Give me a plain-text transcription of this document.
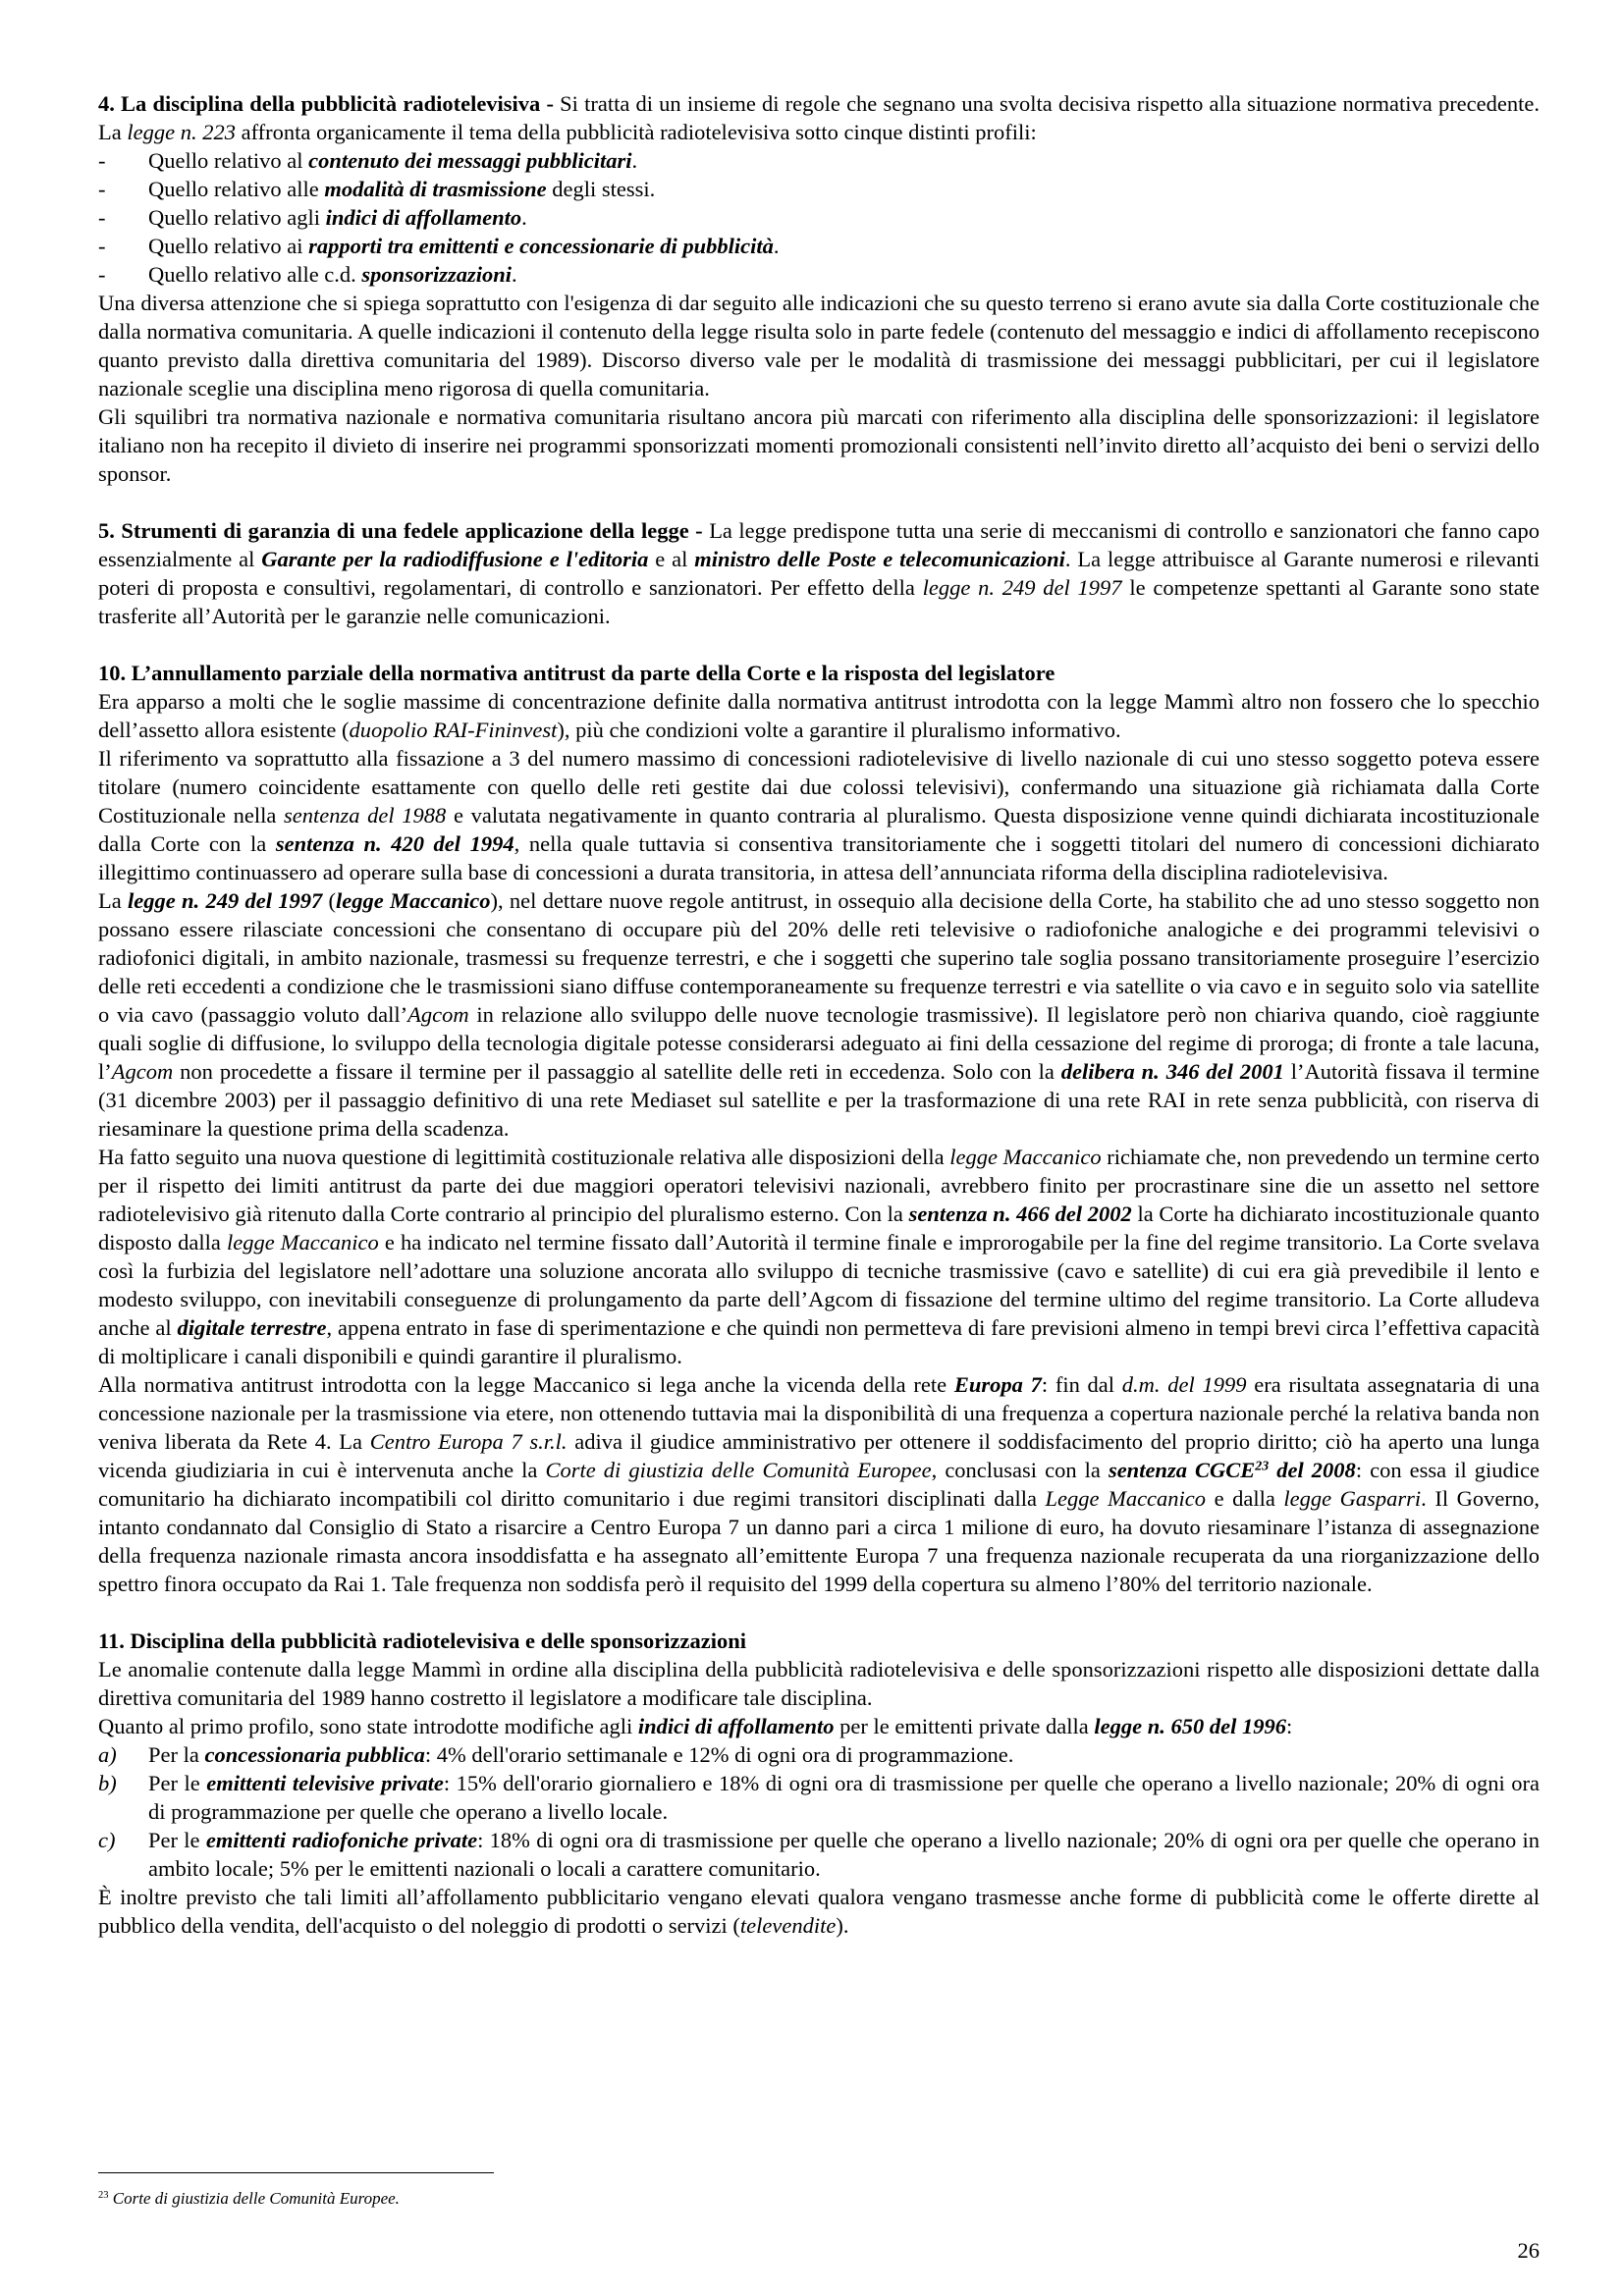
4. La disciplina della pubblicità radiotelevisiva - Si tratta di un insieme di regole che segnano una svolta decisiva rispetto alla situazione normativa precedente. La legge n. 223 affronta organicamente il tema della pubblicità radiotelevisiva sotto cinque distinti profili:

- Quello relativo al contenuto dei messaggi pubblicitari.
- Quello relativo alle modalità di trasmissione degli stessi.
- Quello relativo agli indici di affollamento.
- Quello relativo ai rapporti tra emittenti e concessionarie di pubblicità.
- Quello relativo alle c.d. sponsorizzazioni.

Una diversa attenzione che si spiega soprattutto con l'esigenza di dar seguito alle indicazioni che su questo terreno si erano avute sia dalla Corte costituzionale che dalla normativa comunitaria. A quelle indicazioni il contenuto della legge risulta solo in parte fedele (contenuto del messaggio e indici di affollamento recepiscono quanto previsto dalla direttiva comunitaria del 1989). Discorso diverso vale per le modalità di trasmissione dei messaggi pubblicitari, per cui il legislatore nazionale sceglie una disciplina meno rigorosa di quella comunitaria.

Gli squilibri tra normativa nazionale e normativa comunitaria risultano ancora più marcati con riferimento alla disciplina delle sponsorizzazioni: il legislatore italiano non ha recepito il divieto di inserire nei programmi sponsorizzati momenti promozionali consistenti nell’invito diretto all’acquisto dei beni o servizi dello sponsor.

5. Strumenti di garanzia di una fedele applicazione della legge - La legge predispone tutta una serie di meccanismi di controllo e sanzionatori che fanno capo essenzialmente al Garante per la radiodiffusione e l'editoria e al ministro delle Poste e telecomunicazioni. La legge attribuisce al Garante numerosi e rilevanti poteri di proposta e consultivi, regolamentari, di controllo e sanzionatori. Per effetto della legge n. 249 del 1997 le competenze spettanti al Garante sono state trasferite all’Autorità per le garanzie nelle comunicazioni.

10. L’annullamento parziale della normativa antitrust da parte della Corte e la risposta del legislatore

Era apparso a molti che le soglie massime di concentrazione definite dalla normativa antitrust introdotta con la legge Mammì altro non fossero che lo specchio dell’assetto allora esistente (duopolio RAI-Fininvest), più che condizioni volte a garantire il pluralismo informativo.

Il riferimento va soprattutto alla fissazione a 3 del numero massimo di concessioni radiotelevisive di livello nazionale di cui uno stesso soggetto poteva essere titolare (numero coincidente esattamente con quello delle reti gestite dai due colossi televisivi), confermando una situazione già richiamata dalla Corte Costituzionale nella sentenza del 1988 e valutata negativamente in quanto contraria al pluralismo. Questa disposizione venne quindi dichiarata incostituzionale dalla Corte con la sentenza n. 420 del 1994, nella quale tuttavia si consentiva transitoriamente che i soggetti titolari del numero di concessioni dichiarato illegittimo continuassero ad operare sulla base di concessioni a durata transitoria, in attesa dell’annunciata riforma della disciplina radiotelevisiva.

La legge n. 249 del 1997 (legge Maccanico), nel dettare nuove regole antitrust, in ossequio alla decisione della Corte, ha stabilito che ad uno stesso soggetto non possano essere rilasciate concessioni che consentano di occupare più del 20% delle reti televisive o radiofoniche analogiche e dei programmi televisivi o radiofonici digitali, in ambito nazionale, trasmessi su frequenze terrestri, e che i soggetti che superino tale soglia possano transitoriamente proseguire l’esercizio delle reti eccedenti a condizione che le trasmissioni siano diffuse contemporaneamente su frequenze terrestri e via satellite o via cavo e in seguito solo via satellite o via cavo (passaggio voluto dall’Agcom in relazione allo sviluppo delle nuove tecnologie trasmissive). Il legislatore però non chiariva quando, cioè raggiunte quali soglie di diffusione, lo sviluppo della tecnologia digitale potesse considerarsi adeguato ai fini della cessazione del regime di proroga; di fronte a tale lacuna, l’Agcom non procedette a fissare il termine per il passaggio al satellite delle reti in eccedenza. Solo con la delibera n. 346 del 2001 l’Autorità fissava il termine (31 dicembre 2003) per il passaggio definitivo di una rete Mediaset sul satellite e per la trasformazione di una rete RAI in rete senza pubblicità, con riserva di riesaminare la questione prima della scadenza.

Ha fatto seguito una nuova questione di legittimità costituzionale relativa alle disposizioni della legge Maccanico richiamate che, non prevedendo un termine certo per il rispetto dei limiti antitrust da parte dei due maggiori operatori televisivi nazionali, avrebbero finito per procrastinare sine die un assetto nel settore radiotelevisivo già ritenuto dalla Corte contrario al principio del pluralismo esterno. Con la sentenza n. 466 del 2002 la Corte ha dichiarato incostituzionale quanto disposto dalla legge Maccanico e ha indicato nel termine fissato dall’Autorità il termine finale e improrogabile per la fine del regime transitorio. La Corte svelava così la furbizia del legislatore nell’adottare una soluzione ancorata allo sviluppo di tecniche trasmissive (cavo e satellite) di cui era già prevedibile il lento e modesto sviluppo, con inevitabili conseguenze di prolungamento da parte dell’Agcom di fissazione del termine ultimo del regime transitorio. La Corte alludeva anche al digitale terrestre, appena entrato in fase di sperimentazione e che quindi non permetteva di fare previsioni almeno in tempi brevi circa l’effettiva capacità di moltiplicare i canali disponibili e quindi garantire il pluralismo.

Alla normativa antitrust introdotta con la legge Maccanico si lega anche la vicenda della rete Europa 7: fin dal d.m. del 1999 era risultata assegnataria di una concessione nazionale per la trasmissione via etere, non ottenendo tuttavia mai la disponibilità di una frequenza a copertura nazionale perché la relativa banda non veniva liberata da Rete 4. La Centro Europa 7 s.r.l. adiva il giudice amministrativo per ottenere il soddisfacimento del proprio diritto; ciò ha aperto una lunga vicenda giudiziaria in cui è intervenuta anche la Corte di giustizia delle Comunità Europee, conclusasi con la sentenza CGCE$^{23}$ del 2008: con essa il giudice comunitario ha dichiarato incompatibili col diritto comunitario i due regimi transitori disciplinati dalla Legge Maccanico e dalla legge Gasparri. Il Governo, intanto condannato dal Consiglio di Stato a risarcire a Centro Europa 7 un danno pari a circa 1 milione di euro, ha dovuto riesaminare l’istanza di assegnazione della frequenza nazionale rimasta ancora insoddisfatta e ha assegnato all’emittente Europa 7 una frequenza nazionale recuperata da una riorganizzazione dello spettro finora occupato da Rai 1. Tale frequenza non soddisfa però il requisito del 1999 della copertura su almeno l’80% del territorio nazionale.

11. Disciplina della pubblicità radiotelevisiva e delle sponsorizzazioni

Le anomalie contenute dalla legge Mammì in ordine alla disciplina della pubblicità radiotelevisiva e delle sponsorizzazioni rispetto alle disposizioni dettate dalla direttiva comunitaria del 1989 hanno costretto il legislatore a modificare tale disciplina.

Quanto al primo profilo, sono state introdotte modifiche agli indici di affollamento per le emittenti private dalla legge n. 650 del 1996:

a) Per la concessionaria pubblica: 4% dell'orario settimanale e 12% di ogni ora di programmazione.
b) Per le emittenti televisive private: 15% dell'orario giornaliero e 18% di ogni ora di trasmissione per quelle che operano a livello nazionale; 20% di ogni ora di programmazione per quelle che operano a livello locale.
c) Per le emittenti radiofoniche private: 18% di ogni ora di trasmissione per quelle che operano a livello nazionale; 20% di ogni ora per quelle che operano in ambito locale; 5% per le emittenti nazionali o locali a carattere comunitario.

È inoltre previsto che tali limiti all’affollamento pubblicitario vengano elevati qualora vengano trasmesse anche forme di pubblicità come le offerte dirette al pubblico della vendita, dell'acquisto o del noleggio di prodotti o servizi (televendite).

$^{23}$ Corte di giustizia delle Comunità Europee.
26
